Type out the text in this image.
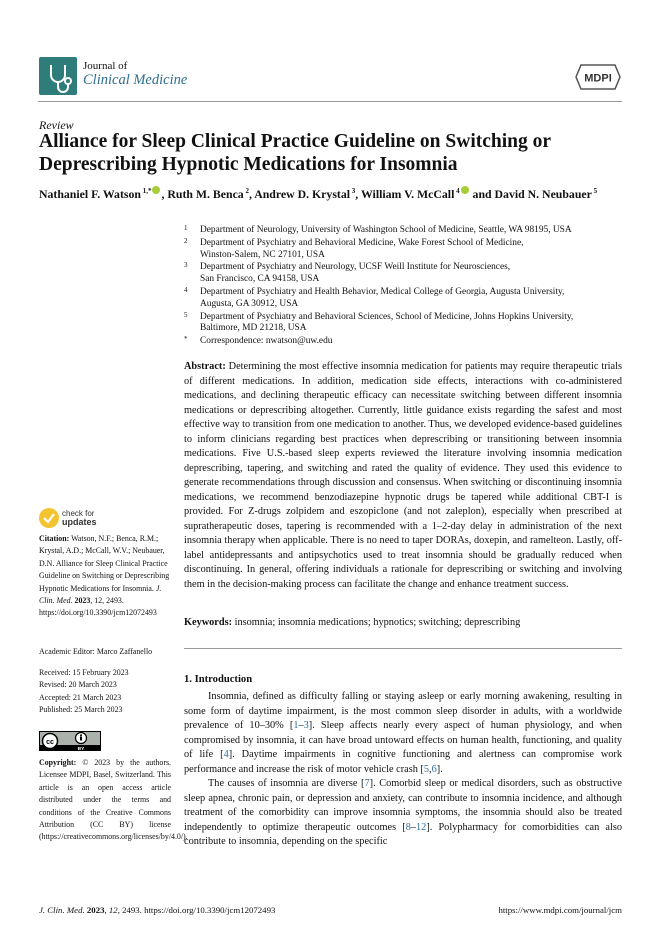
Journal of
Clinical Medicine	MDPI
Review
Alliance for Sleep Clinical Practice Guideline on Switching or Deprescribing Hypnotic Medications for Insomnia
Nathaniel F. Watson $^{1,*}$ , Ruth M. Benca $^2$, Andrew D. Krystal $^3$, William V. McCall $^4$ and David N. Neubauer $^5$
1 Department of Neurology, University of Washington School of Medicine, Seattle, WA 98195, USA
2 Department of Psychiatry and Behavioral Medicine, Wake Forest School of Medicine,
Winston-Salem, NC 27101, USA
3 Department of Psychiatry and Neurology, UCSF Weill Institute for Neurosciences,
San Francisco, CA 94158, USA
4 Department of Psychiatry and Health Behavior, Medical College of Georgia, Augusta University,
Augusta, GA 30912, USA
5 Department of Psychiatry and Behavioral Sciences, School of Medicine, Johns Hopkins University,
Baltimore, MD 21218, USA
* Correspondence: nwatson@uw.edu
Abstract: Determining the most effective insomnia medication for patients may require therapeutic trials of different medications. In addition, medication side effects, interactions with co-administered medications, and declining therapeutic efficacy can necessitate switching between different insomnia medications or deprescribing altogether. Currently, little guidance exists regarding the safest and most effective way to transition from one medication to another. Thus, we developed evidence-based guidelines to inform clinicians regarding best practices when deprescribing or transitioning between insomnia medications. Five U.S.-based sleep experts reviewed the literature involving insomnia medication deprescribing, tapering, and switching and rated the quality of evidence. They used this evidence to generate recommendations through discussion and consensus. When switching or discontinuing insomnia medications, we recommend benzodiazepine hypnotic drugs be tapered while additional CBT-I is provided. For Z-drugs zolpidem and eszopiclone (and not zaleplon), especially when prescribed at supratherapeutic doses, tapering is recommended with a 1–2-day delay in administration of the next insomnia therapy when applicable. There is no need to taper DORAs, doxepin, and ramelteon. Lastly, off-label antidepressants and antipsychotics used to treat insomnia should be gradually reduced when discontinuing. In general, offering individuals a rationale for deprescribing or switching and involving them in the decision-making process can facilitate the change and enhance treatment success.
Keywords: insomnia; insomnia medications; hypnotics; switching; deprescribing
check for
updates
Citation: Watson, N.F.; Benca, R.M.; Krystal, A.D.; McCall, W.V.; Neubauer, D.N. Alliance for Sleep Clinical Practice Guideline on Switching or Deprescribing Hypnotic Medications for Insomnia. J. Clin. Med. 2023, 12, 2493. https://doi.org/10.3390/jcm12072493
Academic Editor: Marco Zaffanello
Received: 15 February 2023
Revised: 20 March 2023
Accepted: 21 March 2023
Published: 25 March 2023
cc
BY
Copyright: © 2023 by the authors. Licensee MDPI, Basel, Switzerland. This article is an open access article distributed under the terms and conditions of the Creative Commons Attribution (CC BY) license (https://creativecommons.org/licenses/by/4.0/).
1. Introduction

Insomnia, defined as difficulty falling or staying asleep or early morning awakening, resulting in some form of daytime impairment, is the most common sleep disorder in adults, with a worldwide prevalence of 10–30% [1–3]. Sleep affects nearly every aspect of human physiology, and when compromised by insomnia, it can have broad untoward effects on human health, functioning, and quality of life [4]. Daytime impairments in cognitive functioning and alertness can compromise work performance and increase the risk of motor vehicle crash [5,6].

The causes of insomnia are diverse [7]. Comorbid sleep or medical disorders, such as obstructive sleep apnea, chronic pain, or depression and anxiety, can contribute to insomnia incidence, and although treatment of the comorbidity can improve insomnia symptoms, the insomnia should also be treated independently to optimize therapeutic outcomes [8–12]. Polypharmacy for comorbidities can also contribute to insomnia, depending on the specific

J. Clin. Med. 2023, 12, 2493. https://doi.org/10.3390/jcm12072493	https://www.mdpi.com/journal/jcm
